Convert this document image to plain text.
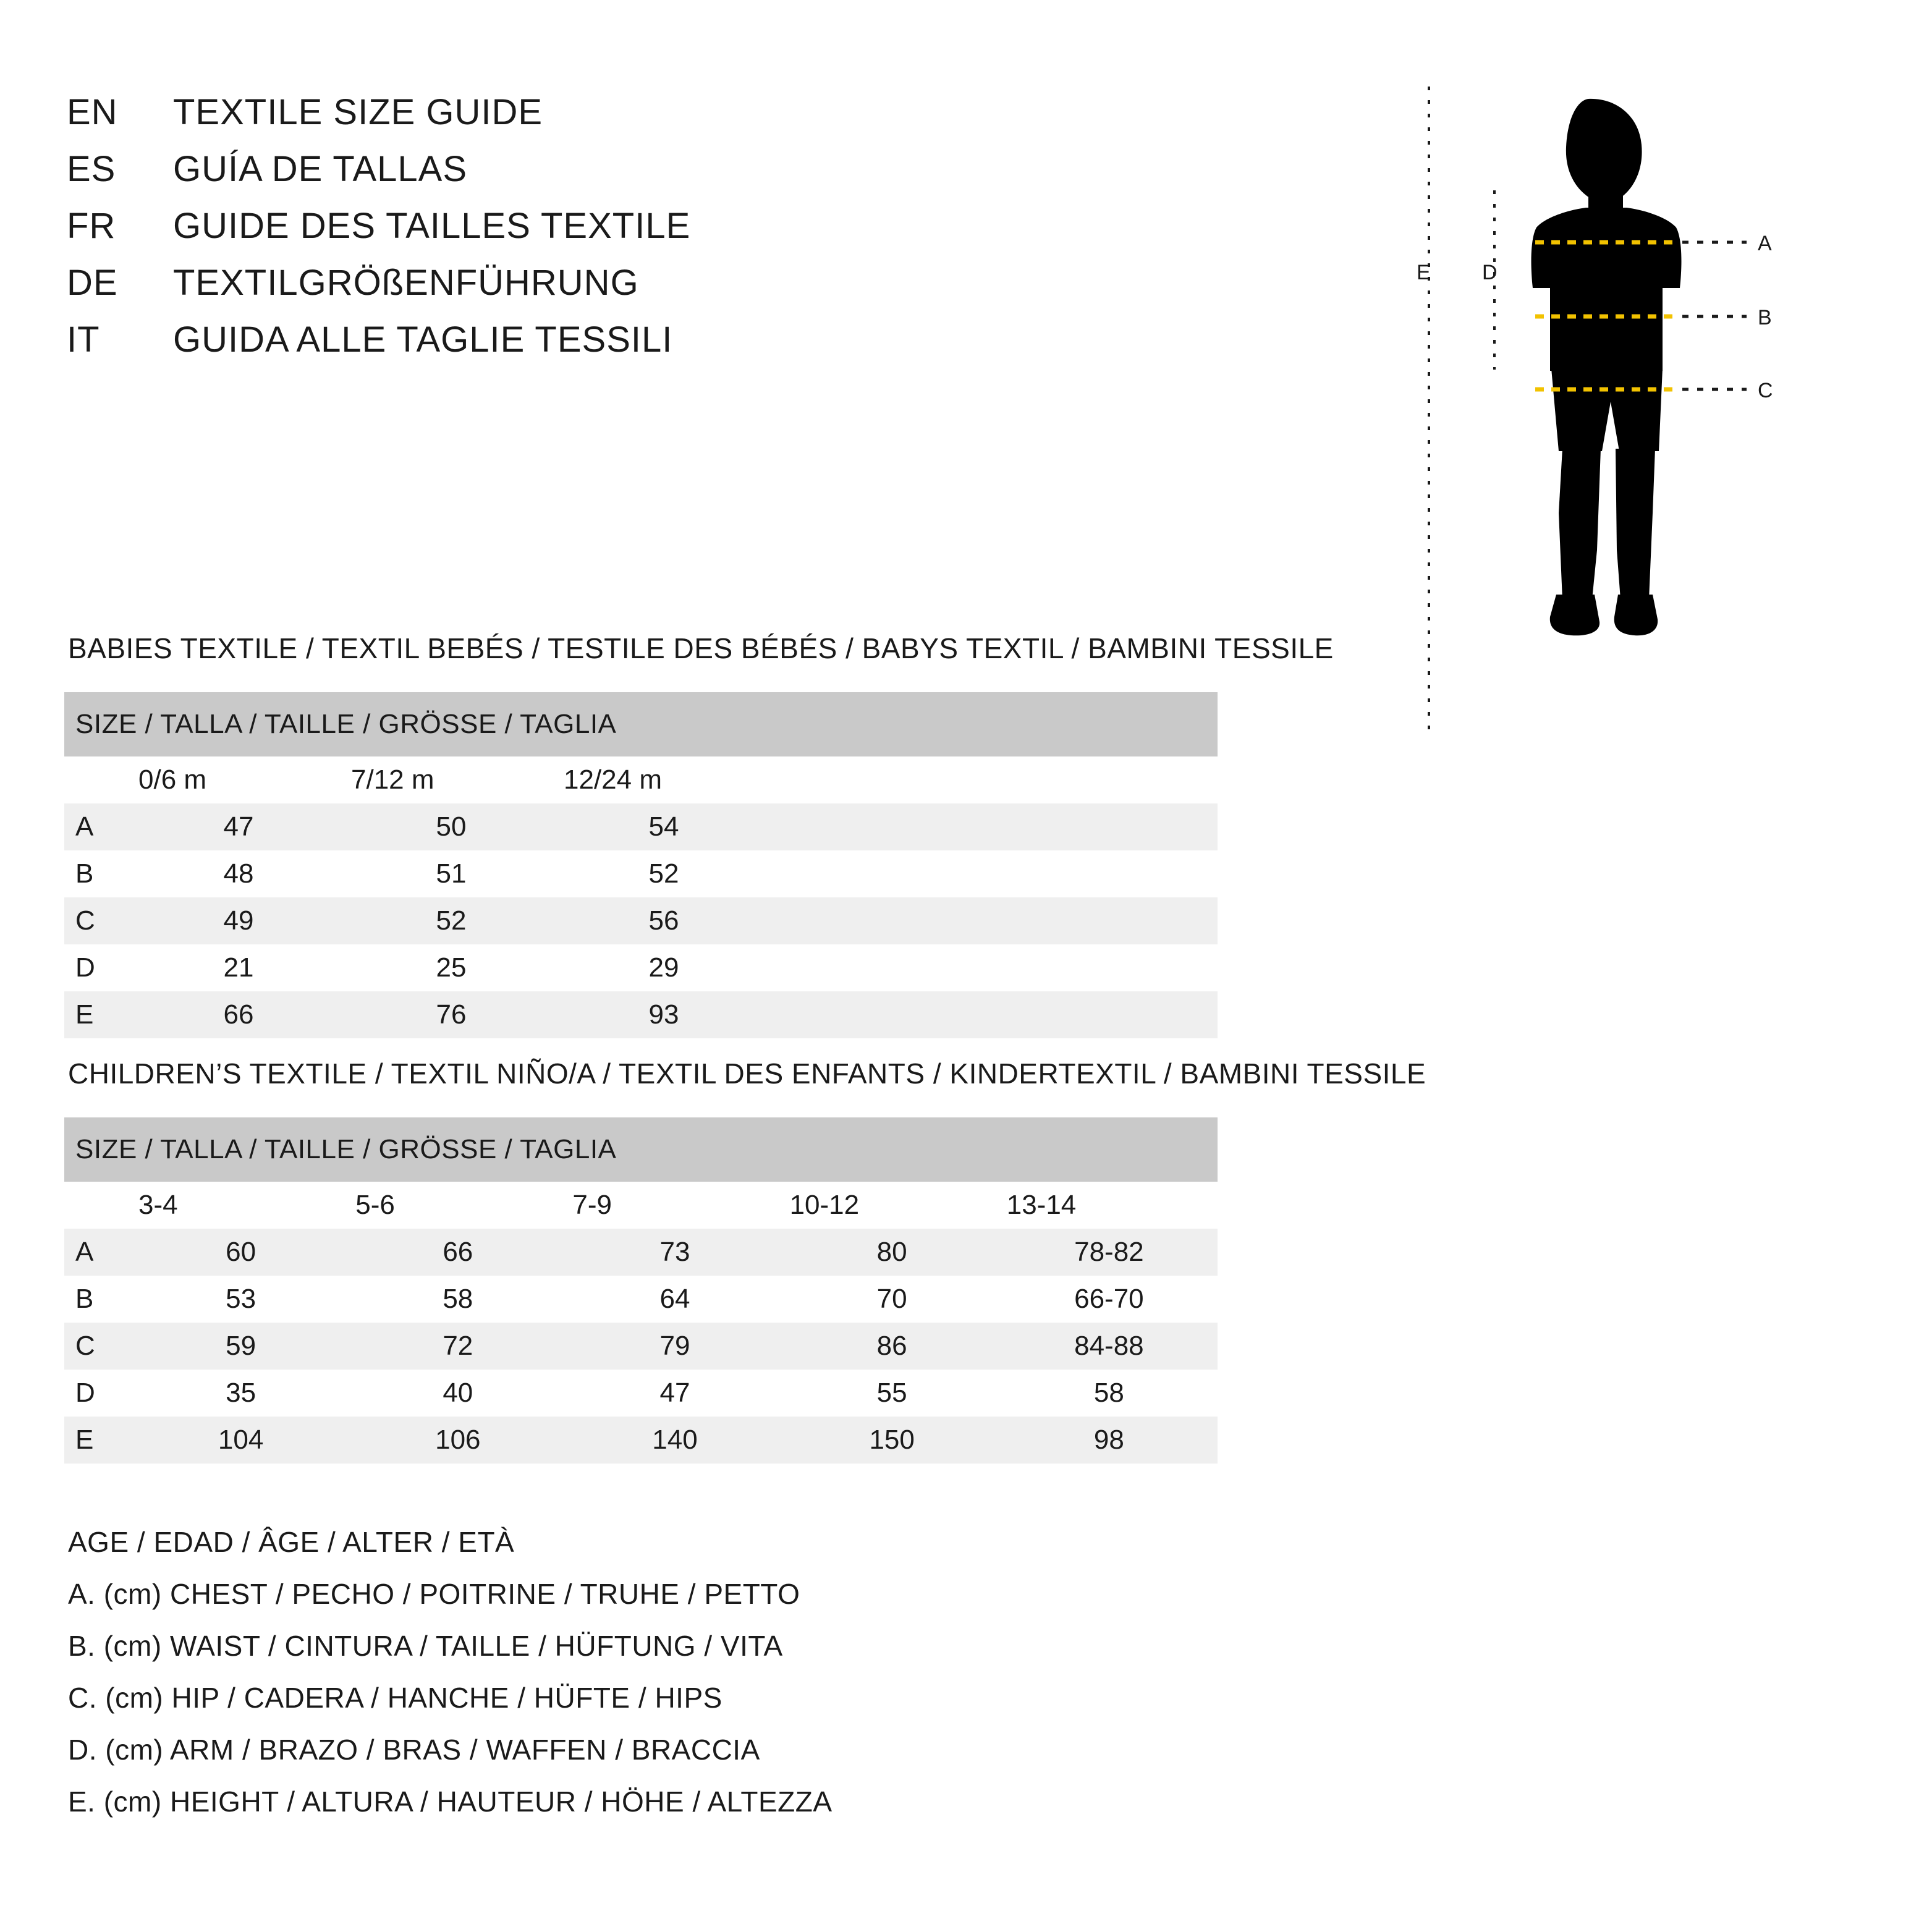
EN	TEXTILE SIZE GUIDE
ES	GUÍA DE TALLAS
FR	GUIDE DES TAILLES TEXTILE
DE	TEXTILGRÖßENFÜHRUNG
IT	GUIDA ALLE TAGLIE TESSILI
A
B
C
D
E
BABIES TEXTILE / TEXTIL BEBÉS / TESTILE DES BÉBÉS / BABYS TEXTIL / BAMBINI TESSILE
SIZE / TALLA / TAILLE / GRÖSSE / TAGLIA				
	0/6 m	7/12 m	12/24 m	
A	47	50	54	
B	48	51	52	
C	49	52	56	
D	21	25	29	
E	66	76	93	
CHILDREN’S TEXTILE / TEXTIL NIÑO/A / TEXTIL DES ENFANTS / KINDERTEXTIL / BAMBINI TESSILE
SIZE / TALLA / TAILLE / GRÖSSE / TAGLIA					
	3-4	5-6	7-9	10-12	13-14
A	60	66	73	80	78-82
B	53	58	64	70	66-70
C	59	72	79	86	84-88
D	35	40	47	55	58
E	104	106	140	150	98
AGE / EDAD / ÂGE / ALTER / ETÀ
A. (cm) CHEST / PECHO / POITRINE / TRUHE / PETTO
B. (cm) WAIST / CINTURA / TAILLE / HÜFTUNG / VITA
C. (cm) HIP / CADERA / HANCHE / HÜFTE / HIPS
D. (cm) ARM / BRAZO / BRAS / WAFFEN / BRACCIA
E. (cm) HEIGHT / ALTURA / HAUTEUR / HÖHE / ALTEZZA
